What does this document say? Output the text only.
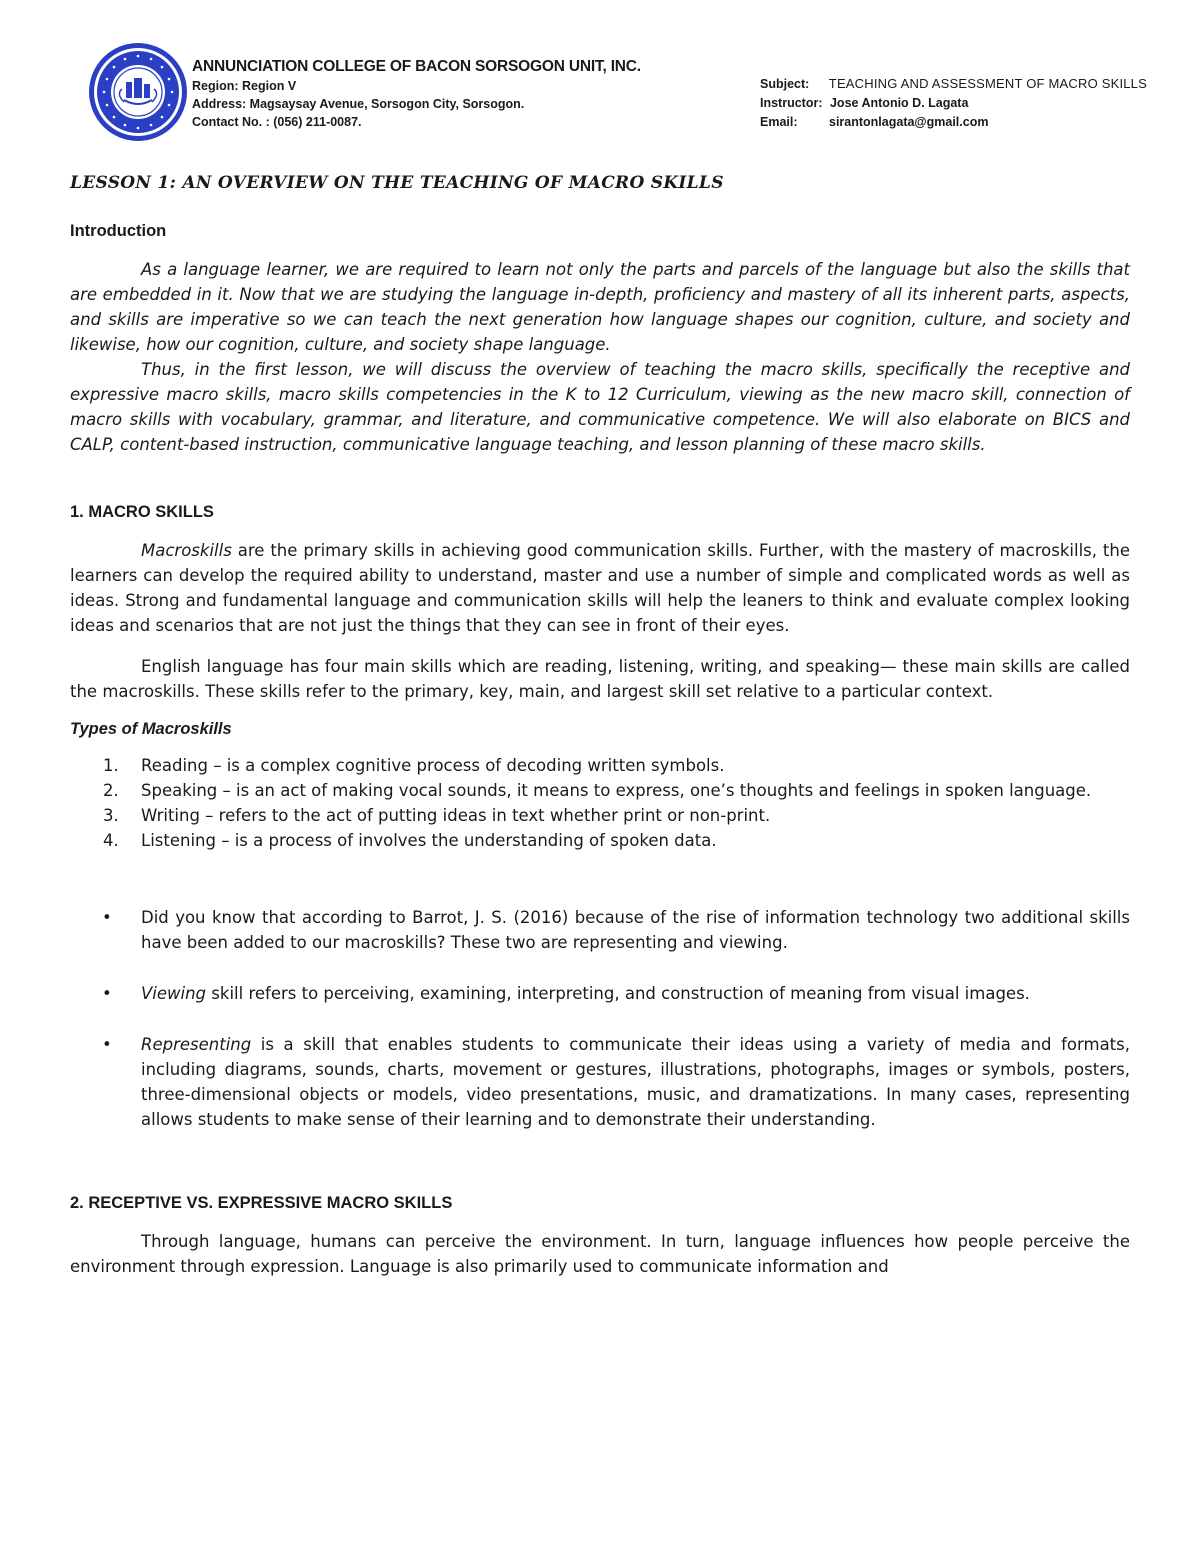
ANNUNCIATION COLLEGE OF BACON SORSOGON UNIT, INC.
Region: Region V
Address: Magsaysay Avenue, Sorsogon City, Sorsogon.
Contact No. : (056) 211-0087.
Subject: TEACHING AND ASSESSMENT OF MACRO SKILLS
Instructor: Jose Antonio D. Lagata
Email:	sirantonlagata@gmail.com
LESSON 1: AN OVERVIEW ON THE TEACHING OF MACRO SKILLS
Introduction

As a language learner, we are required to learn not only the parts and parcels of the language but also the skills that are embedded in it. Now that we are studying the language in-depth, proficiency and mastery of all its inherent parts, aspects, and skills are imperative so we can teach the next generation how language shapes our cognition, culture, and society and likewise, how our cognition, culture, and society shape language.

Thus, in the first lesson, we will discuss the overview of teaching the macro skills, specifically the receptive and expressive macro skills, macro skills competencies in the K to 12 Curriculum, viewing as the new macro skill, connection of macro skills with vocabulary, grammar, and literature, and communicative competence. We will also elaborate on BICS and CALP, content-based instruction, communicative language teaching, and lesson planning of these macro skills.

1. MACRO SKILLS

Macroskills are the primary skills in achieving good communication skills. Further, with the mastery of macroskills, the learners can develop the required ability to understand, master and use a number of simple and complicated words as well as ideas. Strong and fundamental language and communication skills will help the leaners to think and evaluate complex looking ideas and scenarios that are not just the things that they can see in front of their eyes.

English language has four main skills which are reading, listening, writing, and speaking— these main skills are called the macroskills. These skills refer to the primary, key, main, and largest skill set relative to a particular context.

Types of Macroskills
1. Reading – is a complex cognitive process of decoding written symbols.
2. Speaking – is an act of making vocal sounds, it means to express, one’s thoughts and feelings in spoken language.
3. Writing – refers to the act of putting ideas in text whether print or non-print.
4. Listening – is a process of involves the understanding of spoken data.
• Did you know that according to Barrot, J. S. (2016) because of the rise of information technology two additional skills have been added to our macroskills? These two are representing and viewing.
• Viewing skill refers to perceiving, examining, interpreting, and construction of meaning from visual images.
• Representing is a skill that enables students to communicate their ideas using a variety of media and formats, including diagrams, sounds, charts, movement or gestures, illustrations, photographs, images or symbols, posters, three-dimensional objects or models, video presentations, music, and dramatizations. In many cases, representing allows students to make sense of their learning and to demonstrate their understanding.
2. RECEPTIVE VS. EXPRESSIVE MACRO SKILLS

Through language, humans can perceive the environment. In turn, language influences how people perceive the environment through expression. Language is also primarily used to communicate information and
